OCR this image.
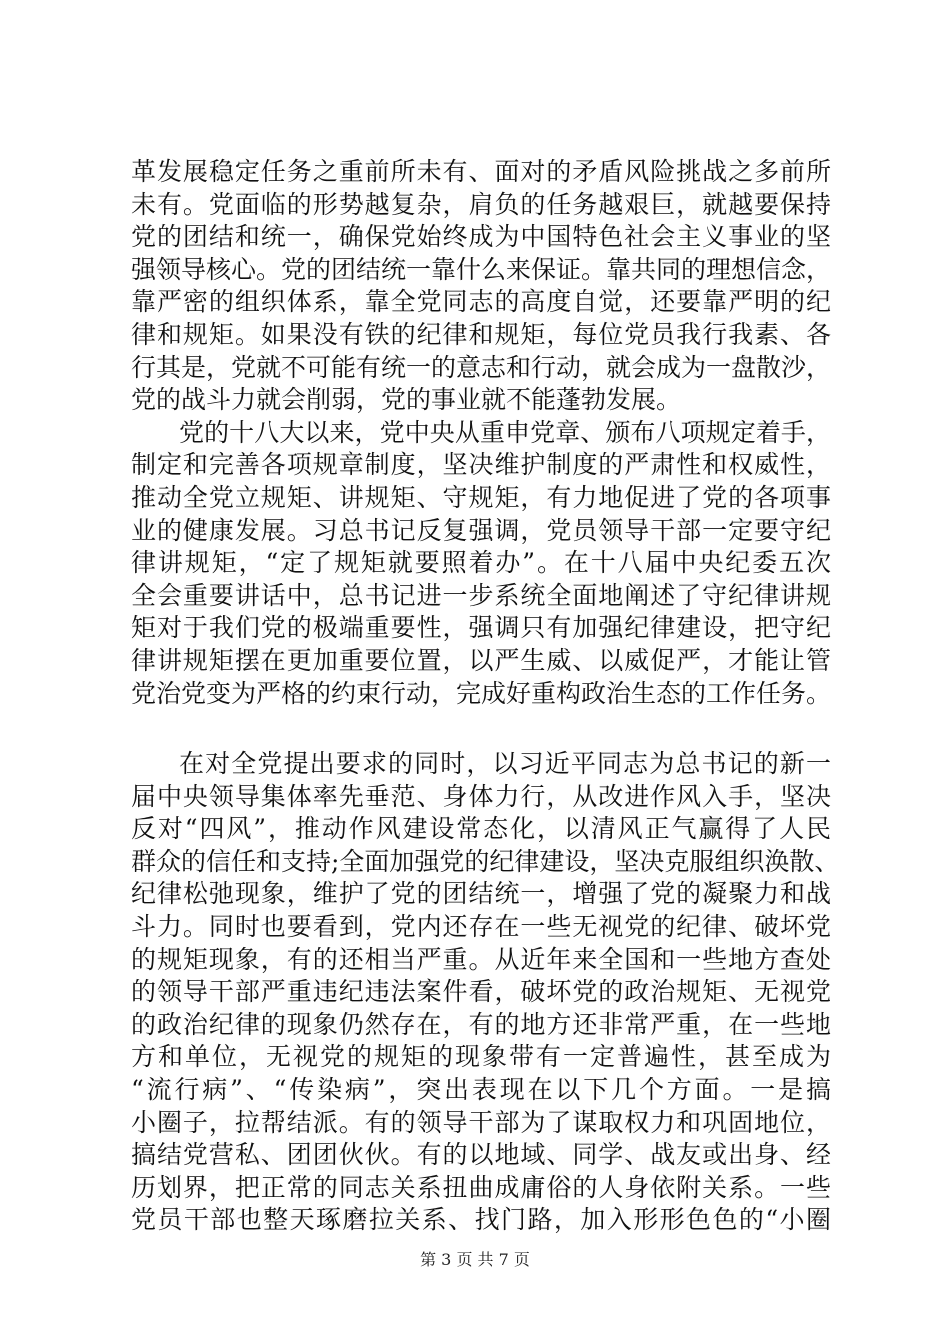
革发展稳定任务之重前所未有、面对的矛盾风险挑战之多前所
未有。党面临的形势越复杂，肩负的任务越艰巨，就越要保持
党的团结和统一，确保党始终成为中国特色社会主义事业的坚
强领导核心。党的团结统一靠什么来保证。靠共同的理想信念，
靠严密的组织体系，靠全党同志的高度自觉，还要靠严明的纪
律和规矩。如果没有铁的纪律和规矩，每位党员我行我素、各
行其是，党就不可能有统一的意志和行动，就会成为一盘散沙，
党的战斗力就会削弱，党的事业就不能蓬勃发展。
党的十八大以来，党中央从重申党章、颁布八项规定着手，
制定和完善各项规章制度，坚决维护制度的严肃性和权威性，
推动全党立规矩、讲规矩、守规矩，有力地促进了党的各项事
业的健康发展。习总书记反复强调，党员领导干部一定要守纪
律讲规矩，“定了规矩就要照着办”。在十八届中央纪委五次
全会重要讲话中，总书记进一步系统全面地阐述了守纪律讲规
矩对于我们党的极端重要性，强调只有加强纪律建设，把守纪
律讲规矩摆在更加重要位置，以严生威、以威促严，才能让管
党治党变为严格的约束行动，完成好重构政治生态的工作任务。
在对全党提出要求的同时，以习近平同志为总书记的新一
届中央领导集体率先垂范、身体力行，从改进作风入手，坚决
反对“四风”，推动作风建设常态化，以清风正气赢得了人民
群众的信任和支持;全面加强党的纪律建设，坚决克服组织涣散、
纪律松弛现象，维护了党的团结统一，增强了党的凝聚力和战
斗力。同时也要看到，党内还存在一些无视党的纪律、破坏党
的规矩现象，有的还相当严重。从近年来全国和一些地方查处
的领导干部严重违纪违法案件看，破坏党的政治规矩、无视党
的政治纪律的现象仍然存在，有的地方还非常严重，在一些地
方和单位，无视党的规矩的现象带有一定普遍性，甚至成为
“流行病”、“传染病”，突出表现在以下几个方面。一是搞
小圈子，拉帮结派。有的领导干部为了谋取权力和巩固地位，
搞结党营私、团团伙伙。有的以地域、同学、战友或出身、经
历划界，把正常的同志关系扭曲成庸俗的人身依附关系。一些
党员干部也整天琢磨拉关系、找门路，加入形形色色的“小圈
第 3 页 共 7 页
